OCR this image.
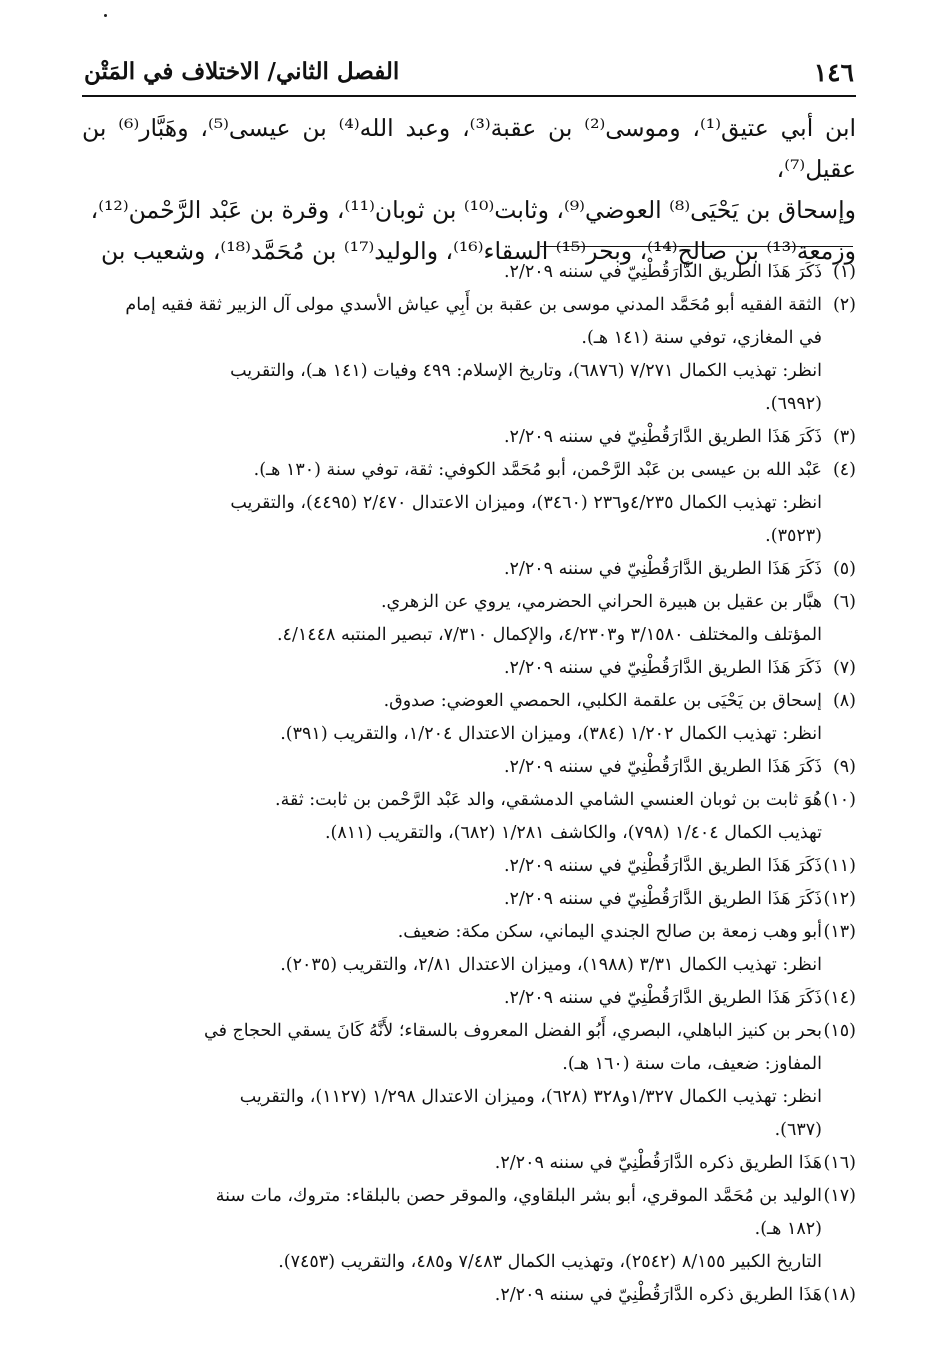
١٤٦
الفصل الثاني/ الاختلاف في المَتْن

ابن أبي عتيق⁽¹⁾، وموسى⁽²⁾ بن عقبة⁽³⁾، وعبد الله⁽⁴⁾ بن عيسى⁽⁵⁾، وهَبَّار⁽⁶⁾ بن عقيل⁽⁷⁾،

وإسحاق بن يَحْيَى⁽⁸⁾ العوضي⁽⁹⁾، وثابت⁽¹⁰⁾ بن ثوبان⁽¹¹⁾، وقرة بن عَبْد الرَّحْمن⁽¹²⁾،

وزمعة⁽¹³⁾ بن صالح⁽¹⁴⁾، وبحر⁽¹⁵⁾ السقاء⁽¹⁶⁾، والوليد⁽¹⁷⁾ بن مُحَمَّد⁽¹⁸⁾، وشعيب بن

(١)ذَكَرَ هَذَا الطريق الدَّارَقُطْنِيّ في سننه ٢/٢٠٩.
(٢)الثقة الفقيه أبو مُحَمَّد المدني موسى بن عقبة بن أَبِي عياش الأسدي مولى آل الزبير ثقة فقيه إمام
في المغازي، توفي سنة (١٤١ هـ).
انظر: تهذيب الكمال ٧/٢٧١ (٦٨٧٦)، وتاريخ الإسلام: ٤٩٩ وفيات (١٤١ هـ)، والتقريب
(٦٩٩٢).
(٣)ذَكَرَ هَذَا الطريق الدَّارَقُطْنِيّ في سننه ٢/٢٠٩.
(٤)عَبْد الله بن عيسى بن عَبْد الرَّحْمن، أبو مُحَمَّد الكوفي: ثقة، توفي سنة (١٣٠ هـ).
انظر: تهذيب الكمال ٤/٢٣٥و٢٣٦ (٣٤٦٠)، وميزان الاعتدال ٢/٤٧٠ (٤٤٩٥)، والتقريب
(٣٥٢٣).
(٥)ذَكَرَ هَذَا الطريق الدَّارَقُطْنِيّ في سننه ٢/٢٠٩.
(٦)هبَّار بن عقيل بن هبيرة الحراني الحضرمي، يروي عن الزهري.
المؤتلف والمختلف ٣/١٥٨٠ و٤/٢٣٠٣، والإكمال ٧/٣١٠، تبصير المنتبه ٤/١٤٤٨.
(٧)ذَكَرَ هَذَا الطريق الدَّارَقُطْنِيّ في سننه ٢/٢٠٩.
(٨)إسحاق بن يَحْيَى بن علقمة الكلبي، الحمصي العوضي: صدوق.
انظر: تهذيب الكمال ١/٢٠٢ (٣٨٤)، وميزان الاعتدال ١/٢٠٤، والتقريب (٣٩١).
(٩)ذَكَرَ هَذَا الطريق الدَّارَقُطْنِيّ في سننه ٢/٢٠٩.
(١٠)هُوَ ثابت بن ثوبان العنسي الشامي الدمشقي، والد عَبْد الرَّحْمن بن ثابت: ثقة.
تهذيب الكمال ١/٤٠٤ (٧٩٨)، والكاشف ١/٢٨١ (٦٨٢)، والتقريب (٨١١).
(١١)ذَكَرَ هَذَا الطريق الدَّارَقُطْنِيّ في سننه ٢/٢٠٩.
(١٢)ذَكَرَ هَذَا الطريق الدَّارَقُطْنِيّ في سننه ٢/٢٠٩.
(١٣)أبو وهب زمعة بن صالح الجندي اليماني، سكن مكة: ضعيف.
انظر: تهذيب الكمال ٣/٣١ (١٩٨٨)، وميزان الاعتدال ٢/٨١، والتقريب (٢٠٣٥).
(١٤)ذَكَرَ هَذَا الطريق الدَّارَقُطْنِيّ في سننه ٢/٢٠٩.
(١٥)بحر بن كنيز الباهلي، البصري، أَبُو الفضل المعروف بالسقاء؛ لأَنَّهُ كَانَ يسقي الحجاج في
المفاوز: ضعيف، مات سنة (١٦٠ هـ).
انظر: تهذيب الكمال ١/٣٢٧و٣٢٨ (٦٢٨)، وميزان الاعتدال ١/٢٩٨ (١١٢٧)، والتقريب
(٦٣٧).
(١٦)هَذَا الطريق ذكره الدَّارَقُطْنِيّ في سننه ٢/٢٠٩.
(١٧)الوليد بن مُحَمَّد الموقري، أبو بشر البلقاوي، والموقر حصن بالبلقاء: متروك، مات سنة
(١٨٢ هـ).
التاريخ الكبير ٨/١٥٥ (٢٥٤٢)، وتهذيب الكمال ٧/٤٨٣ و٤٨٥، والتقريب (٧٤٥٣).
(١٨)هَذَا الطريق ذكره الدَّارَقُطْنِيّ في سننه ٢/٢٠٩.
